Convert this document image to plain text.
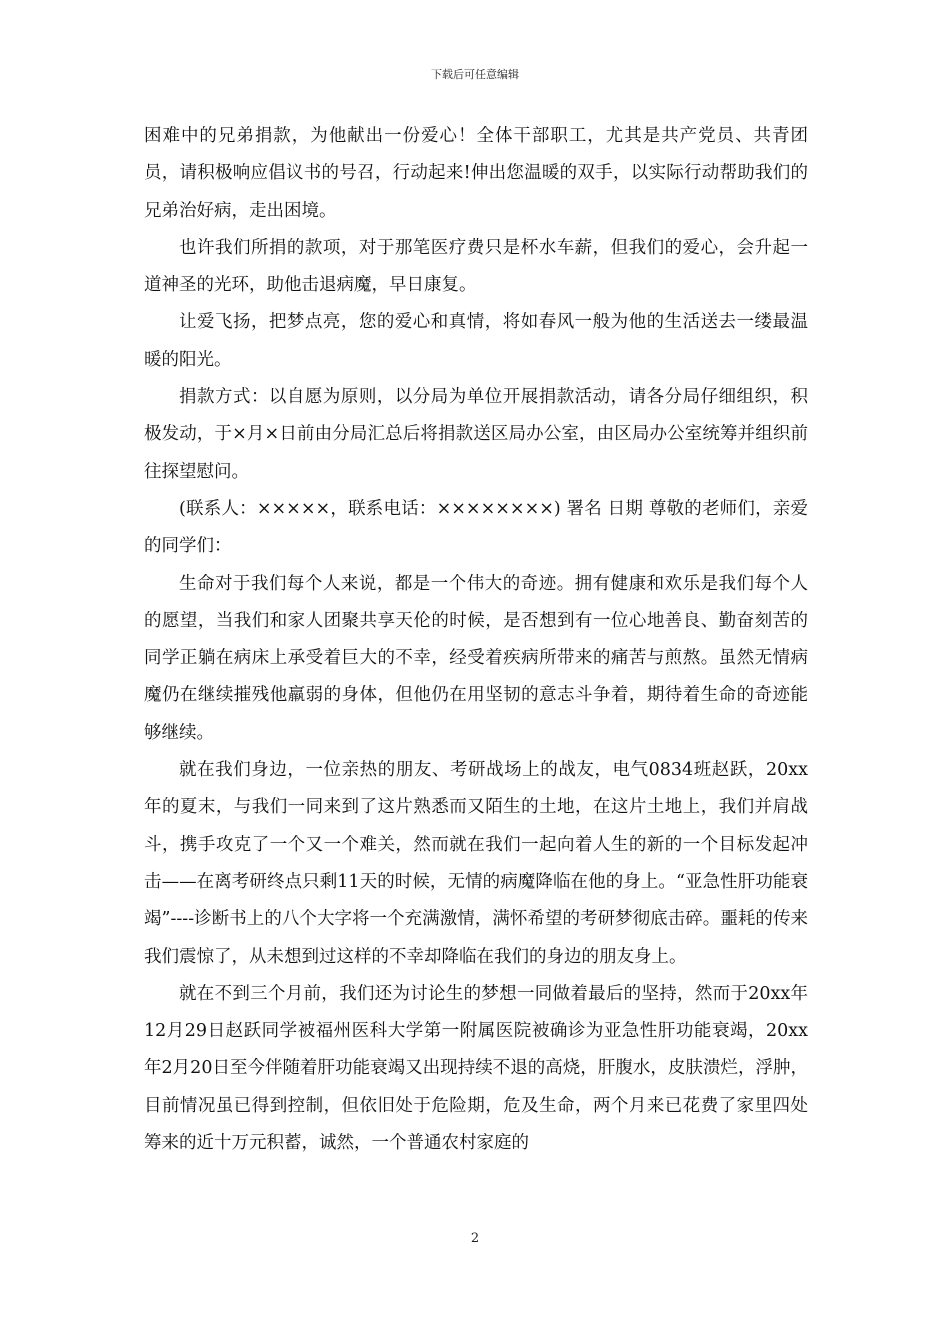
下载后可任意编辑

困难中的兄弟捐款，为他献出一份爱心！全体干部职工，尤其是共产党员、共青团员，请积极响应倡议书的号召，行动起来!伸出您温暖的双手，以实际行动帮助我们的兄弟治好病，走出困境。

也许我们所捐的款项，对于那笔医疗费只是杯水车薪，但我们的爱心，会升起一道神圣的光环，助他击退病魔，早日康复。

让爱飞扬，把梦点亮，您的爱心和真情，将如春风一般为他的生活送去一缕最温暖的阳光。

捐款方式：以自愿为原则，以分局为单位开展捐款活动，请各分局仔细组织，积极发动，于×月×日前由分局汇总后将捐款送区局办公室，由区局办公室统筹并组织前往探望慰问。

(联系人：×××××，联系电话：××××××××) 署名 日期 尊敬的老师们，亲爱的同学们：

生命对于我们每个人来说，都是一个伟大的奇迹。拥有健康和欢乐是我们每个人的愿望，当我们和家人团聚共享天伦的时候，是否想到有一位心地善良、勤奋刻苦的同学正躺在病床上承受着巨大的不幸，经受着疾病所带来的痛苦与煎熬。虽然无情病魔仍在继续摧残他羸弱的身体，但他仍在用坚韧的意志斗争着，期待着生命的奇迹能够继续。

就在我们身边，一位亲热的朋友、考研战场上的战友，电气0834班赵跃，20xx年的夏末，与我们一同来到了这片熟悉而又陌生的土地，在这片土地上，我们并肩战斗，携手攻克了一个又一个难关，然而就在我们一起向着人生的新的一个目标发起冲击——在离考研终点只剩11天的时候，无情的病魔降临在他的身上。“亚急性肝功能衰竭”----诊断书上的八个大字将一个充满激情，满怀希望的考研梦彻底击碎。噩耗的传来我们震惊了，从未想到过这样的不幸却降临在我们的身边的朋友身上。

就在不到三个月前，我们还为讨论生的梦想一同做着最后的坚持，然而于20xx年12月29日赵跃同学被福州医科大学第一附属医院被确诊为亚急性肝功能衰竭，20xx年2月20日至今伴随着肝功能衰竭又出现持续不退的高烧，肝腹水，皮肤溃烂，浮肿，目前情况虽已得到控制，但依旧处于危险期，危及生命，两个月来已花费了家里四处筹来的近十万元积蓄，诚然，一个普通农村家庭的

2
